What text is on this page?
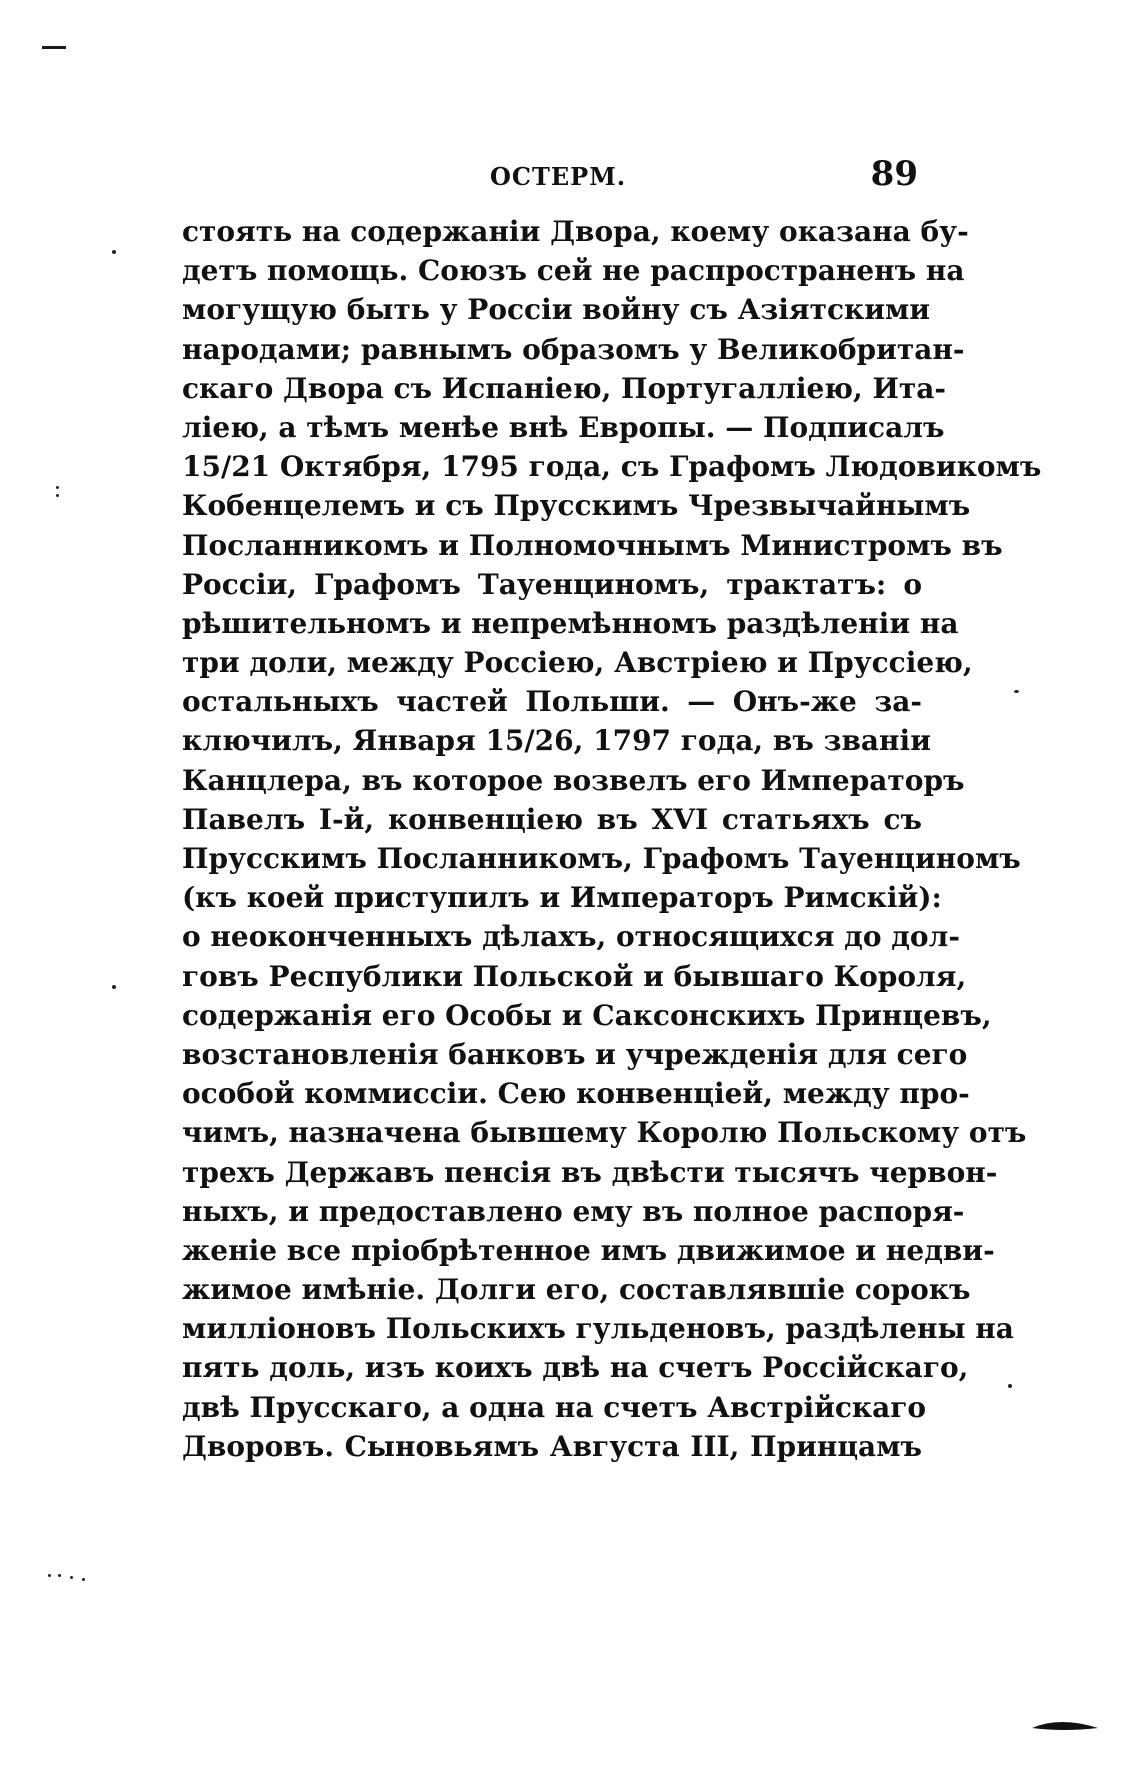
ОСТЕРМ.	89
стоять на содержанiи Двора, коему оказана бу-
детъ помощь. Союзъ сей не распространенъ на
могущую быть у Россiи войну съ Азiятскими
народами; равнымъ образомъ у Великобритан-
скаго Двора съ Испанiею, Португаллiею, Ита-
лiею, а тѣмъ менѣе внѣ Европы. — Подписалъ
15/21 Октября, 1795 года, съ Графомъ Людовикомъ
Кобенцелемъ и съ Прусскимъ Чрезвычайнымъ
Посланникомъ и Полномочнымъ Министромъ въ
Россiи, Графомъ Тауенциномъ, трактатъ: о
рѣшительномъ и непремѣнномъ раздѣленiи на
три доли, между Россiею, Австрiею и Пруссiею,
остальныхъ частей Польши. — Онъ-же за-
ключилъ, Января 15/26, 1797 года, въ званiи
Канцлера, въ которое возвелъ его Императоръ
Павелъ I-й, конвенцiею въ XVI статьяхъ съ
Прусскимъ Посланникомъ, Графомъ Тауенциномъ
(къ коей приступилъ и Императоръ Римскiй):
о неоконченныхъ дѣлахъ, относящихся до дол-
говъ Республики Польской и бывшаго Короля,
содержанiя его Особы и Саксонскихъ Принцевъ,
возстановленiя банковъ и учрежденiя для сего
особой коммиссiи. Сею конвенцiей, между про-
чимъ, назначена бывшему Королю Польскому отъ
трехъ Державъ пенсiя въ двѣсти тысячъ червон-
ныхъ, и предоставлено ему въ полное распоря-
женiе все прiобрѣтенное имъ движимое и недви-
жимое имѣнiе. Долги его, составлявшiе сорокъ
миллiоновъ Польскихъ гульденовъ, раздѣлены на
пять доль, изъ коихъ двѣ на счетъ Россiйскаго,
двѣ Прусскаго, а одна на счетъ Австрiйскаго
Дворовъ. Сыновьямъ Августа III, Принцамъ
